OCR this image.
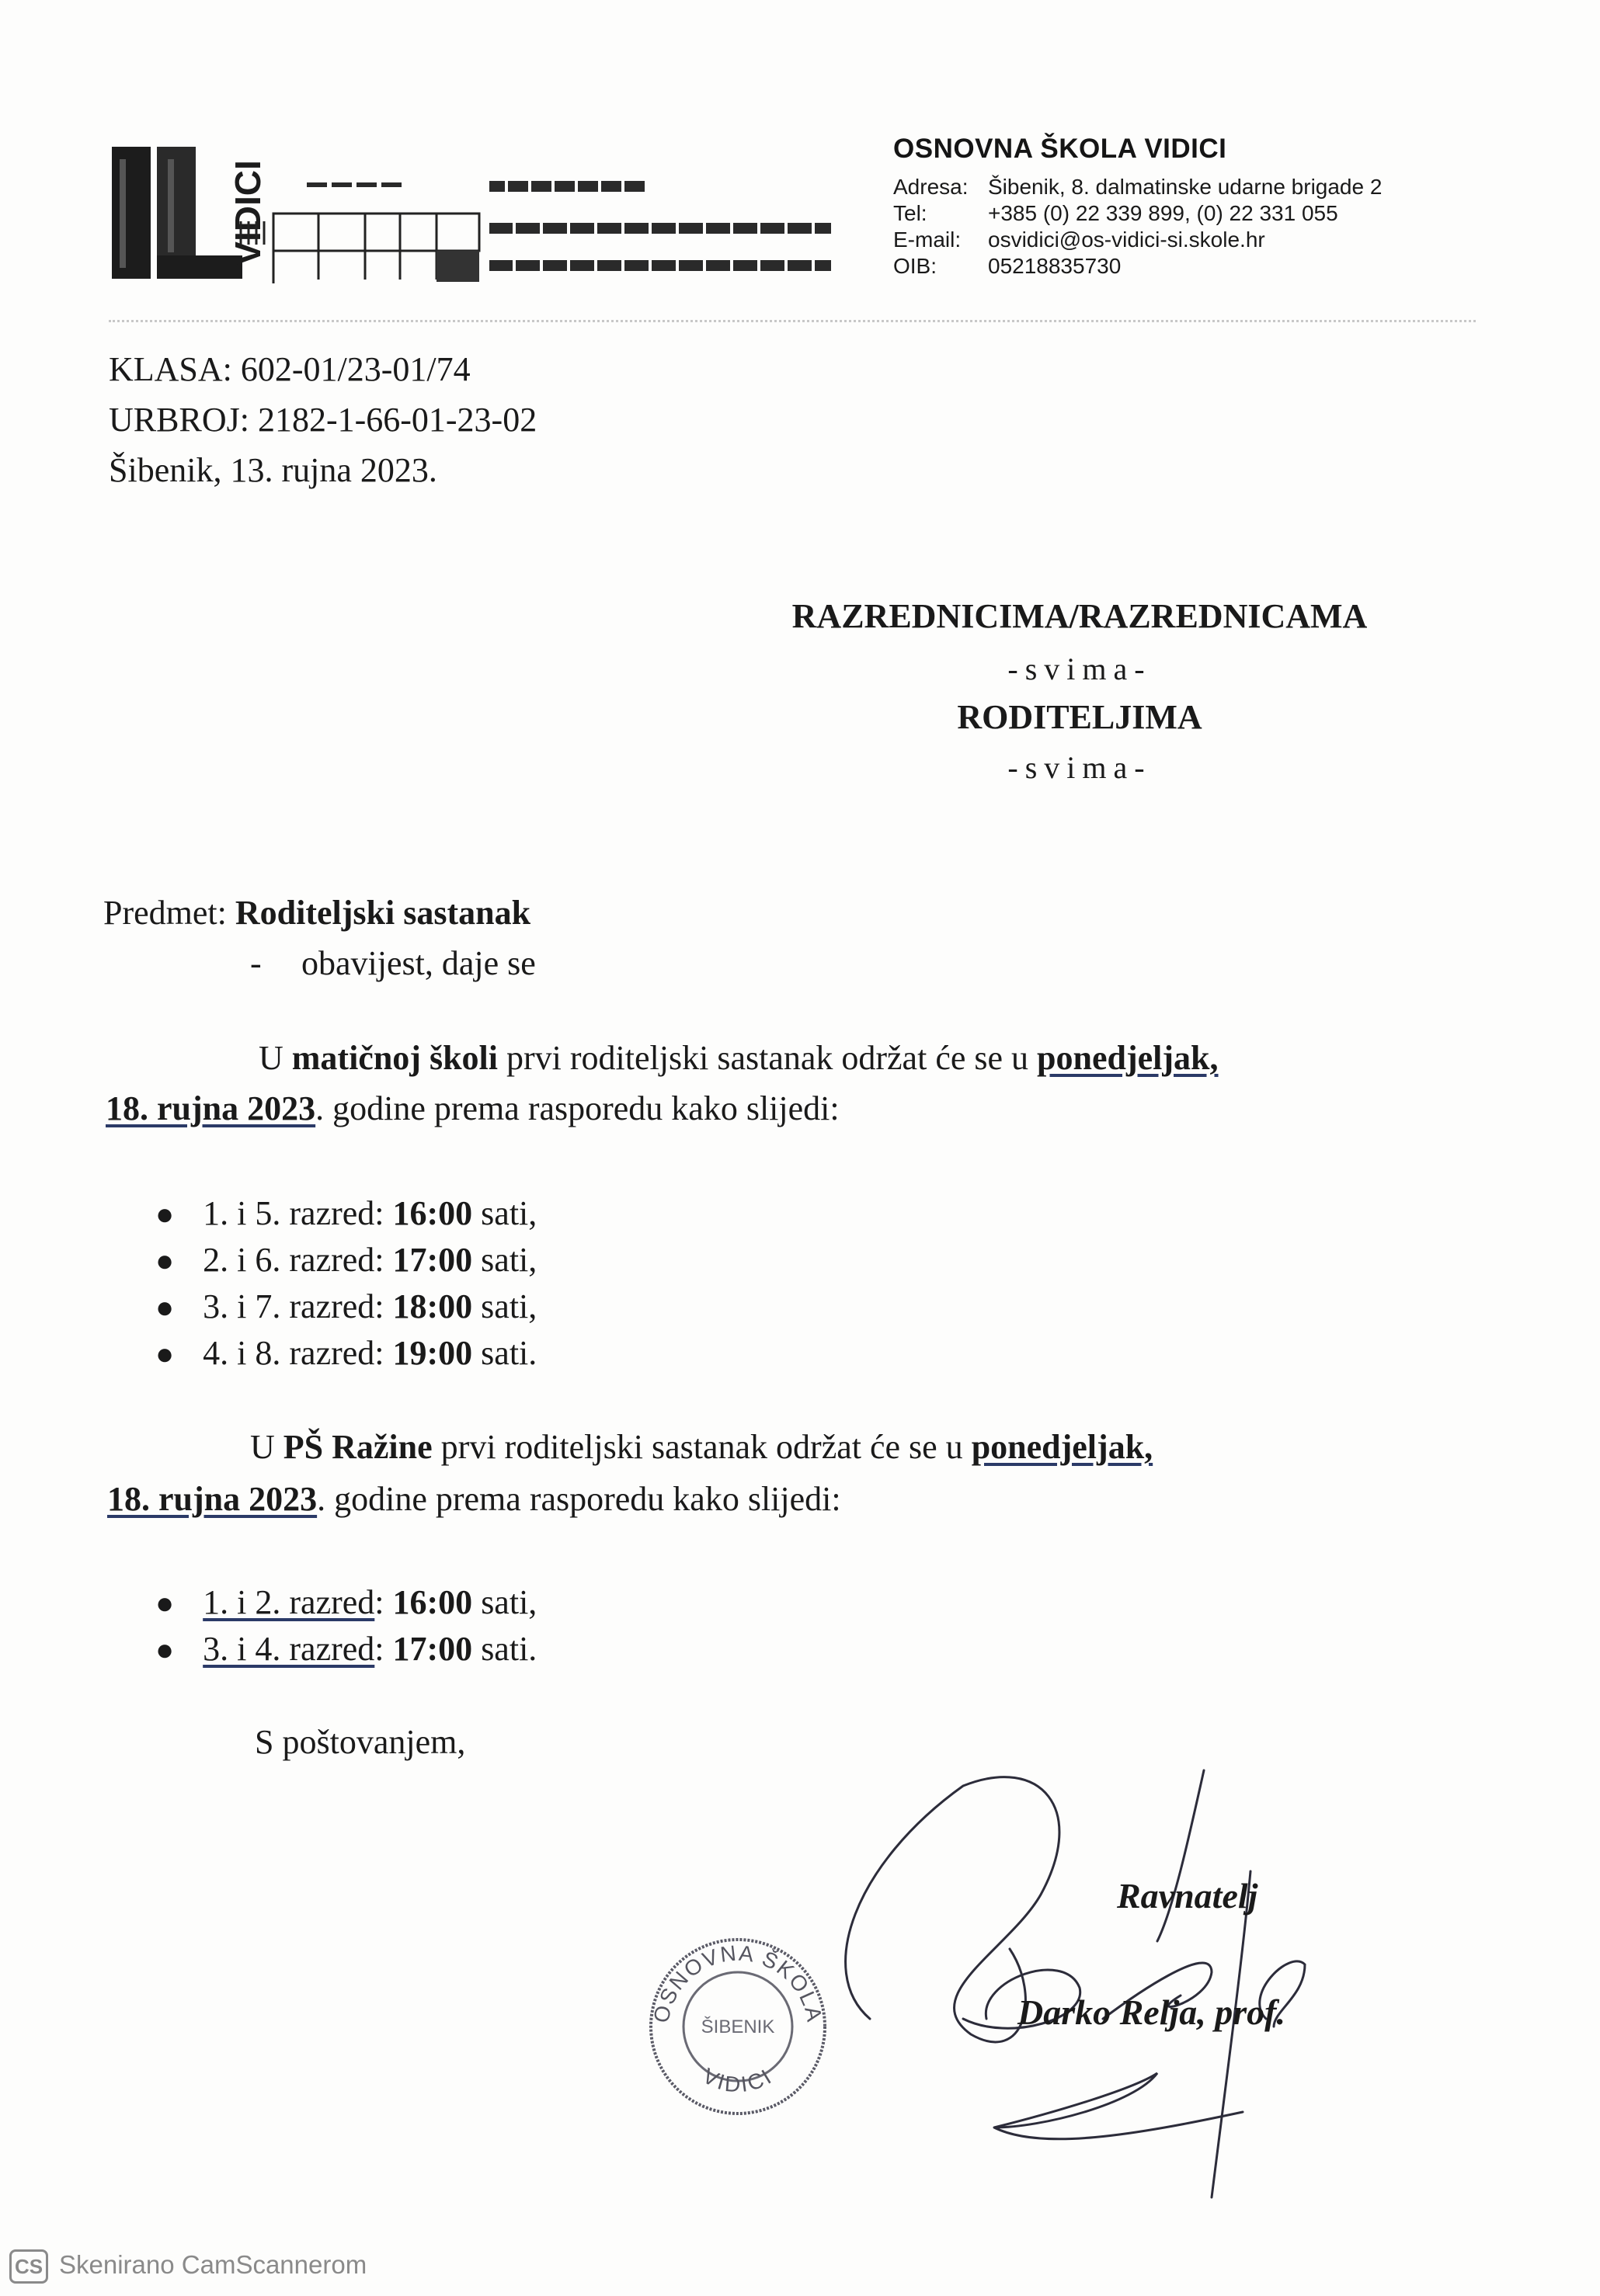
VIDICI
OSNOVNA ŠKOLA VIDICI
Adresa: Šibenik, 8. dalmatinske udarne brigade 2
Tel:	+385 (0) 22 339 899, (0) 22 331 055
E-mail: osvidici@os-vidici-si.skole.hr
OIB: 05218835730
KLASA: 602-01/23-01/74
URBROJ: 2182-1-66-01-23-02
Šibenik, 13. rujna 2023.
RAZREDNICIMA/RAZREDNICAMA
-svima-
RODITELJIMA
-svima-
Predmet: Roditeljski sastanak
- obavijest, daje se
U matičnoj školi prvi roditeljski sastanak održat će se u ponedjeljak,
18. rujna 2023. godine prema rasporedu kako slijedi:
● 1. i 5. razred: 16:00 sati,
● 2. i 6. razred: 17:00 sati,
● 3. i 7. razred: 18:00 sati,
● 4. i 8. razred: 19:00 sati.
U PŠ Ražine prvi roditeljski sastanak održat će se u ponedjeljak,
18. rujna 2023. godine prema rasporedu kako slijedi:
● 1. i 2. razred: 16:00 sati,
● 3. i 4. razred: 17:00 sati.
S poštovanjem,
OSNOVNA ŠKOLA
ŠIBENIK
VIDICI
Ravnatelj
Darko Relja, prof.
CS Skenirano CamScannerom
